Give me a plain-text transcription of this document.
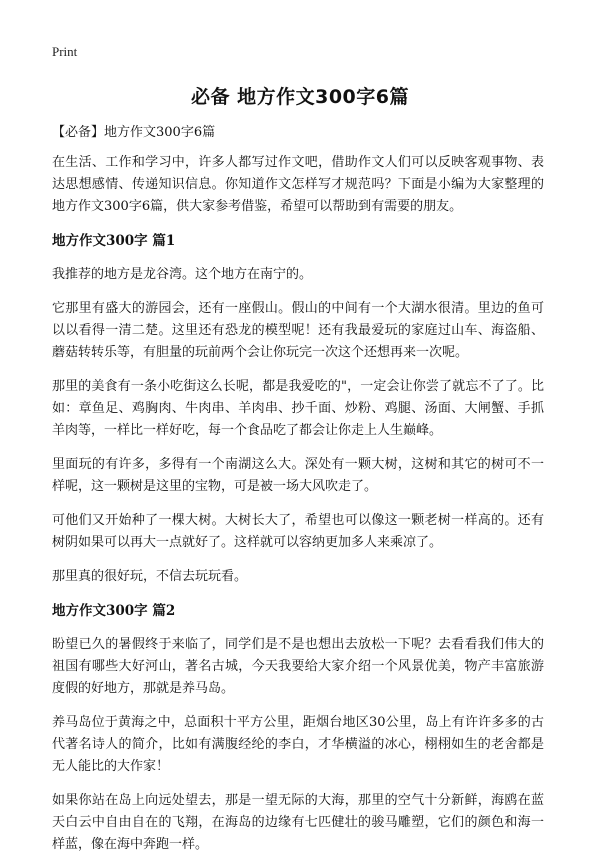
Print
必备 地方作文300字6篇

【必备】地方作文300字6篇

在生活、工作和学习中，许多人都写过作文吧，借助作文人们可以反映客观事物、表达思想感情、传递知识信息。你知道作文怎样写才规范吗？下面是小编为大家整理的地方作文300字6篇，供大家参考借鉴，希望可以帮助到有需要的朋友。

地方作文300字 篇1

我推荐的地方是龙谷湾。这个地方在南宁的。

它那里有盛大的游园会，还有一座假山。假山的中间有一个大湖水很清。里边的鱼可以以看得一清二楚。这里还有恐龙的模型呢！还有我最爱玩的家庭过山车、海盗船、蘑菇转转乐等，有胆量的玩前两个会让你玩完一次这个还想再来一次呢。

那里的美食有一条小吃街这么长呢，都是我爱吃的"，一定会让你尝了就忘不了了。比如：章鱼足、鸡胸肉、牛肉串、羊肉串、抄千面、炒粉、鸡腿、汤面、大闸蟹、手抓羊肉等，一样比一样好吃，每一个食品吃了都会让你走上人生巅峰。

里面玩的有许多，多得有一个南湖这么大。深处有一颗大树，这树和其它的树可不一样呢，这一颗树是这里的宝物，可是被一场大风吹走了。

可他们又开始种了一棵大树。大树长大了，希望也可以像这一颗老树一样高的。还有树阴如果可以再大一点就好了。这样就可以容纳更加多人来乘凉了。

那里真的很好玩，不信去玩玩看。

地方作文300字 篇2

盼望已久的暑假终于来临了，同学们是不是也想出去放松一下呢？去看看我们伟大的祖国有哪些大好河山，著名古城，今天我要给大家介绍一个风景优美，物产丰富旅游度假的好地方，那就是养马岛。

养马岛位于黄海之中，总面积十平方公里，距烟台地区30公里，岛上有许许多多的古代著名诗人的简介，比如有满腹经纶的李白，才华横溢的冰心，栩栩如生的老舍都是无人能比的大作家！

如果你站在岛上向远处望去，那是一望无际的大海，那里的空气十分新鲜，海鸥在蓝天白云中自由自在的飞翔，在海岛的边缘有七匹健壮的骏马雕塑，它们的颜色和海一样蓝，像在海中奔跑一样。
